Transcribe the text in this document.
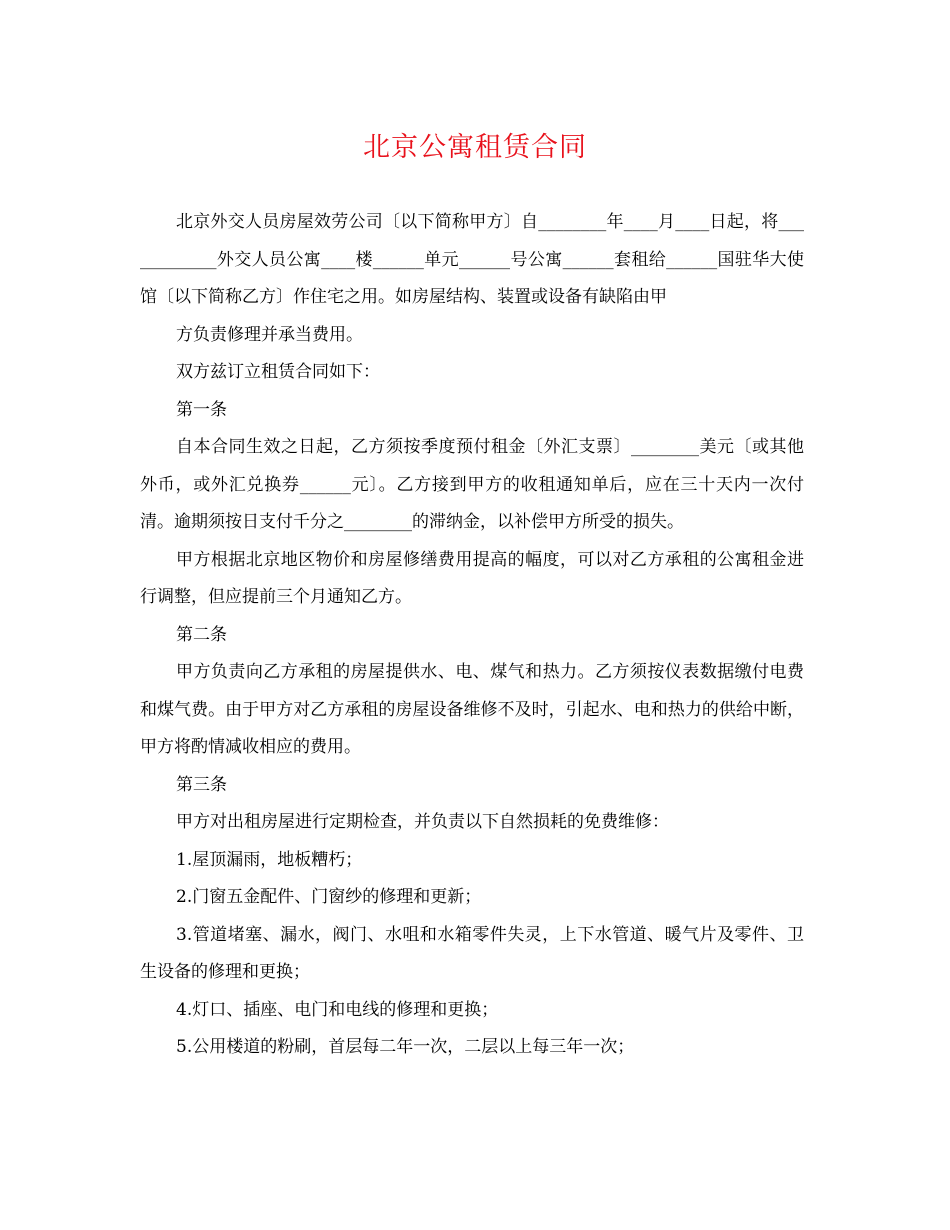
北京公寓租赁合同

北京外交人员房屋效劳公司〔以下简称甲方〕自________年____月____日起，将____________外交人员公寓____楼______单元______号公寓______套租给______国驻华大使馆〔以下简称乙方〕作住宅之用。如房屋结构、装置或设备有缺陷由甲

方负责修理并承当费用。

双方兹订立租赁合同如下：

第一条

自本合同生效之日起，乙方须按季度预付租金〔外汇支票〕________美元〔或其他外币，或外汇兑换券______元〕。乙方接到甲方的收租通知单后，应在三十天内一次付清。逾期须按日支付千分之________的滞纳金，以补偿甲方所受的损失。

甲方根据北京地区物价和房屋修缮费用提高的幅度，可以对乙方承租的公寓租金进行调整，但应提前三个月通知乙方。

第二条

甲方负责向乙方承租的房屋提供水、电、煤气和热力。乙方须按仪表数据缴付电费和煤气费。由于甲方对乙方承租的房屋设备维修不及时，引起水、电和热力的供给中断，甲方将酌情减收相应的费用。

第三条

甲方对出租房屋进行定期检查，并负责以下自然损耗的免费维修：

1.屋顶漏雨，地板糟朽；

2.门窗五金配件、门窗纱的修理和更新；

3.管道堵塞、漏水，阀门、水咀和水箱零件失灵，上下水管道、暖气片及零件、卫生设备的修理和更换；

4.灯口、插座、电门和电线的修理和更换；

5.公用楼道的粉刷，首层每二年一次，二层以上每三年一次；
